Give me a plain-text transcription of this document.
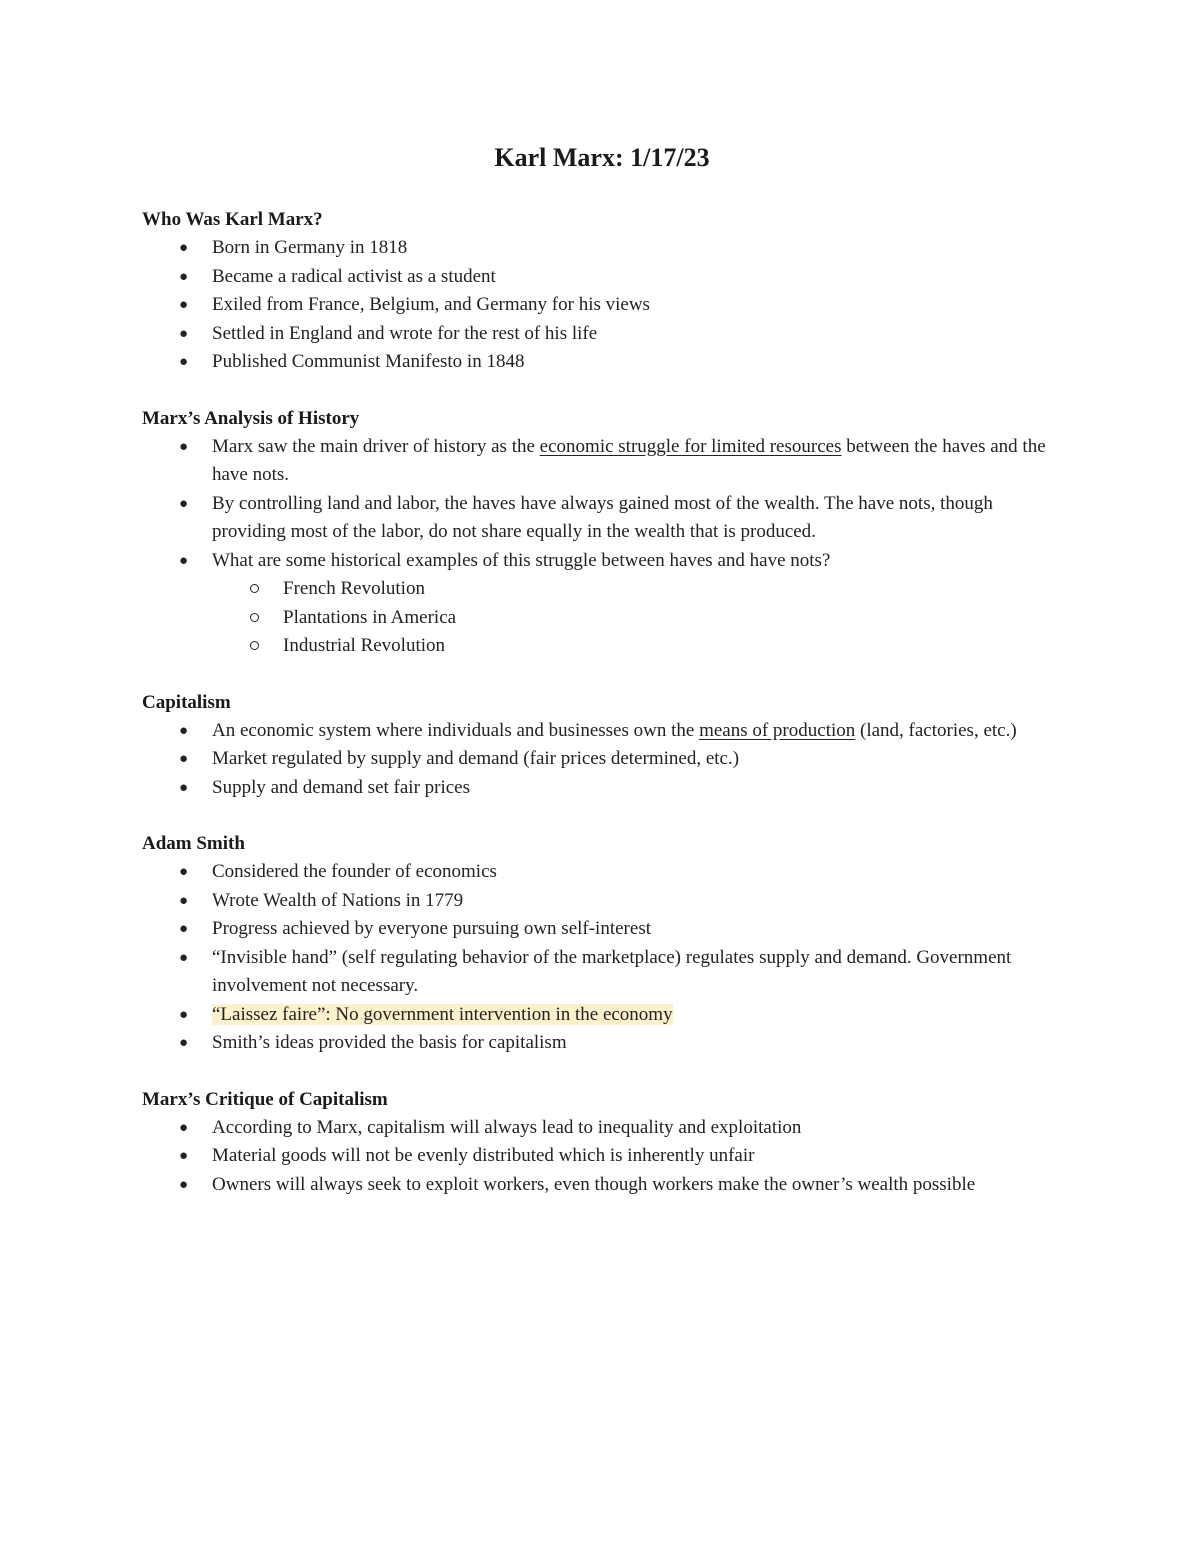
Karl Marx: 1/17/23

Who Was Karl Marx?

● Born in Germany in 1818
● Became a radical activist as a student
● Exiled from France, Belgium, and Germany for his views
● Settled in England and wrote for the rest of his life
● Published Communist Manifesto in 1848

Marx’s Analysis of History

● Marx saw the main driver of history as the economic struggle for limited resources between the haves and the have nots.
● By controlling land and labor, the haves have always gained most of the wealth. The have nots, though providing most of the labor, do not share equally in the wealth that is produced.
● What are some historical examples of this struggle between haves and have nots?
French Revolution
Plantations in America
Industrial Revolution

Capitalism

● An economic system where individuals and businesses own the means of production (land, factories, etc.)
● Market regulated by supply and demand (fair prices determined, etc.)
● Supply and demand set fair prices

Adam Smith

● Considered the founder of economics
● Wrote Wealth of Nations in 1779
● Progress achieved by everyone pursuing own self-interest
● “Invisible hand” (self regulating behavior of the marketplace) regulates supply and demand. Government involvement not necessary.
● “Laissez faire”: No government intervention in the economy
● Smith’s ideas provided the basis for capitalism

Marx’s Critique of Capitalism

● According to Marx, capitalism will always lead to inequality and exploitation
● Material goods will not be evenly distributed which is inherently unfair
● Owners will always seek to exploit workers, even though workers make the owner’s wealth possible
